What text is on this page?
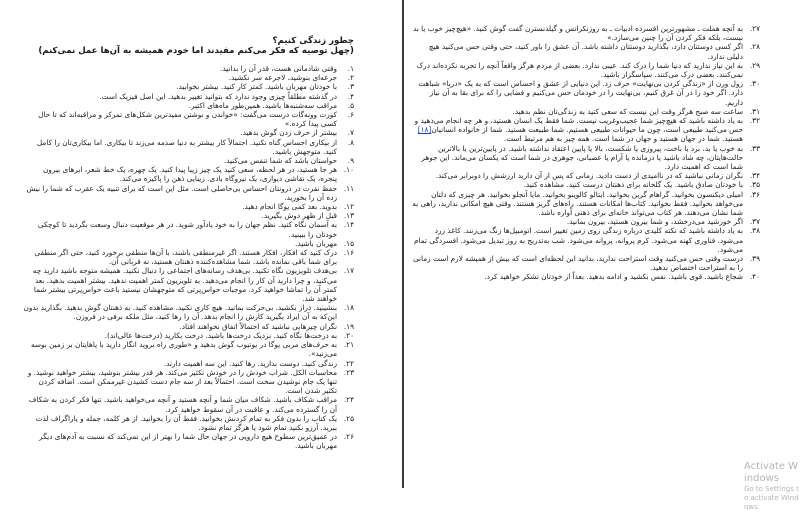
چطور زندگی کنیم؟

(چهل توصیه که فکر می‌کنم مفیدند اما خودم همیشه به آن‌ها عمل نمی‌کنم)

۱.
وقتی شادمانی هست، قدر آن را بدانید.
۲.
جرعه‌ای بنوشید، لاجرعه سر نکشید.
۳.
با خودتان مهربان باشید. کمتر کار کنید. بیشتر بخوابید.
۴.
در گذشته مطلقاً چیزی وجود ندارد که بتوانید تغییر بدهید. این اصل فیزیک است.
۵.
مراقب سه‌شنبه‌ها باشید. همین‌طور ماه‌های اکتبر.
۶.
کورت وونه‌گات درست می‌گفت: «خواندن و نوشتن مفیدترین شکل‌های تمرکز و مراقبه‌اند که تا حال کسی پیدا کرده.»
۷.
بیشتر از حرف زدن گوش بدهید.
۸.
از بیکاری احساس گناه نکنید. احتمالاً کار بیشتر به دنیا صدمه می‌زند تا بیکاری. اما بیکاری‌تان را کامل کنید. متوجهش باشید.
۹.
حواستان باشد که شما تنفس می‌کنید.
۱۰.
هر جا هستید، در هر لحظه، سعی کنید یک چیز زیبا پیدا کنید. یک چهره، یک خط شعر، ابرهای بیرون پنجره، یک نقاشی دیواری، یک نیروگاه بادی. زیبایی ذهن را پاکیزه می‌کند.
۱۱.
حفظ نفرت در درونتان احساس بی‌حاصلی است. مثل این است که برای تنبیه یک عقرب که شما را نیش زده آن را بخورید.
۱۲.
بدوید. بعد کمی یوگا انجام دهید.
۱۳.
قبل از ظهر دوش بگیرید.
۱۴.
به آسمان نگاه کنید. نظم جهان را به خود یادآور شوید. در هر موقعیت دنبال وسعت بگردید تا کوچکی خودتان را ببینید.
۱۵.
مهربان باشید.
۱۶.
درک کنید که افکار، افکار هستند. اگر غیرمنطقی باشند، با آن‌ها منطقی برخورد کنید، حتی اگر منطقی برای شما باقی نمانده باشد. شما مشاهده‌کننده ذهنتان هستید، نه قربانی آن.
۱۷.
بی‌هدف تلویزیون نگاه نکنید. بی‌هدف رسانه‌های اجتماعی را دنبال نکنید. همیشه متوجه باشید دارید چه می‌کنید، و چرا دارید آن کار را انجام می‌دهید. به تلویزیون کمتر اهمیت ندهید. بیشتر اهمیت بدهید. بعد کمتر آن را تماشا خواهید کرد. موجبات حواس‌پرتی که متوجهشان نیستید باعث حواس‌پرتی بیشتر شما خواهند شد.
۱۸.
بنشینید. دراز بکشید. بی‌حرکت بمانید. هیچ کاری نکنید. مشاهده کنید. به ذهنتان گوش بدهید. بگذارید بدون این‌که به آن ایراد بگیرید کارش را انجام بدهد. آن را رها کنید، مثل ملکه برفی در فروزن.
۱۹.
نگران چیزهایی نباشید که احتمالاً اتفاق نخواهند افتاد.
۲۰.
به درخت‌ها نگاه کنید. نزدیک درخت‌ها باشید. درخت بکارید (درخت‌ها عالی‌اند).
۲۱.
به حرف‌های مربی یوگا در یوتیوب گوش بدهید و «طوری راه بروید انگار دارید با پاهایتان بر زمین بوسه می‌زنید».
۲۲.
زندگی کنید. دوست بدارید. رها کنید. این سه اهمیت دارند.
۲۳.
محاسبات الکل. شراب خودش را در خودش تکثیر می‌کند. هر قدر بیشتر بنوشید، بیشتر خواهید نوشید. و تنها یک جام نوشیدن سخت است. احتمالاً بعد از سه جام دست کشیدن غیرممکن است. اضافه کردن تکثیر شدن است.
۲۴.
مراقب شکاف باشید. شکاف میان شما و آنچه هستید و آنچه می‌خواهید باشید. تنها فکر کردن به شکاف آن را گسترده می‌کند. و عاقبت در آن سقوط خواهید کرد.
۲۵.
یک کتاب را بدون فکر به تمام کردنش بخوانید. فقط آن را بخوانید. از هر کلمه، جمله و پاراگراف لذت ببرید. آرزو نکنید تمام شود یا هرگز تمام نشود.
۲۶.
در عمیق‌ترین سطوح هیچ دارویی در جهان حال شما را بهتر از این نمی‌کند که نسبت به آدم‌های دیگر مهربان باشید.
۲۷.
به آنچه هملت ـ مشهورترین افسرده ادبیات ـ به روزنکرانس و گیلدنسترن گفت گوش کنید. «هیچ‌چیز خوب یا بد نیست، بلکه فکر کردن آن را چنین می‌سازد.»
۲۸.
اگر کسی دوستتان دارد، بگذارید دوستتان داشته باشد. آن عشق را باور کنید، حتی وقتی حس می‌کنید هیچ دلیلی ندارد.
۲۹.
به این نیاز ندارید که دنیا شما را درک کند. عیبی ندارد. بعضی از مردم هرگز واقعاً آنچه را تجربه نکرده‌اند درک نمی‌کنند. بعضی درک می‌کنند. سپاسگزار باشید.
۳۰.
زول ورن از «زندگی کردن بی‌نهایت» حرف زد. این دنیایی از عشق و احساس است که به یک «دریا» شباهت دارد. اگر خود را در آن غرق کنیم، بی‌نهایت را در خودمان حس می‌کنیم و فضایی را که برای بقا به آن نیاز داریم.
۳۱.
ساعت سه صبح هرگز وقت این نیست که سعی کنید به زندگی‌تان نظم بدهید.
۳۲.
به یاد داشته باشید که هیچ‌چیز شما عجیب‌وغریب نیست. شما فقط یک انسان هستید، و هر چه انجام می‌دهید و حس می‌کنید طبیعی است، چون ما حیوانات طبیعی هستیم. شما طبیعت هستید. شما از خانواده انسانیان[۱۸] هستید. شما در جهان هستید و جهان در شما است. همه چیز به هم مرتبط است.
۳۳.
به خوب یا بد، برد یا باخت، پیروزی یا شکست، بالا یا پایین اعتقاد نداشته باشید. در پایین‌ترین یا بالاترین حالت‌هایتان، چه شاد باشید یا درمانده یا آرام یا عصبانی، جوهری در شما است که یکسان می‌ماند. این جوهر شما است که اهمیت دارد.
۳۴.
نگران زمانی نباشید که در ناامیدی از دست دادید. زمانی که پس از آن دارید ارزشش را دوبرابر می‌کند.
۳۵.
با خودتان صادق باشید. یک گلخانه برای ذهنتان درست کنید. مشاهده کنید.
۳۶.
امیلی دیکنسون بخوانید. گراهام گرین بخوانید. ایتالو کالوینو بخوانید. مایا آنجلو بخوانید. هر چیزی که دلتان می‌خواهد بخوانید. فقط بخوانید. کتاب‌ها امکانات هستند. راه‌های گریز هستند. وقتی هیچ امکانی ندارید، راهی به شما نشان می‌دهند. هر کتاب می‌تواند خانه‌ای برای ذهنی آواره باشد.
۳۷.
اگر خورشید می‌درخشد، و شما بیرون هستید، بیرون بمانید.
۳۸.
به یاد داشته باشید که نکته کلیدی درباره زندگی روی زمین تغییر است. اتومبیل‌ها زنگ می‌زنند. کاغذ زرد می‌شود. فناوری کهنه می‌شود. کرم پروانه، پروانه می‌شود. شب به‌تدریج به روز تبدیل می‌شود. افسردگی تمام می‌شود.
۳۹.
درست وقتی حس می‌کنید وقت استراحت ندارید، بدانید این لحظه‌ای است که بیش از همیشه لازم است زمانی را به استراحت اختصاص بدهید.
۴۰.
شجاع باشید. قوی باشید. نفس بکشید و ادامه بدهید. بعداً از خودتان تشکر خواهید کرد.
Activate Windows
Go to Settings to activate Windows.
